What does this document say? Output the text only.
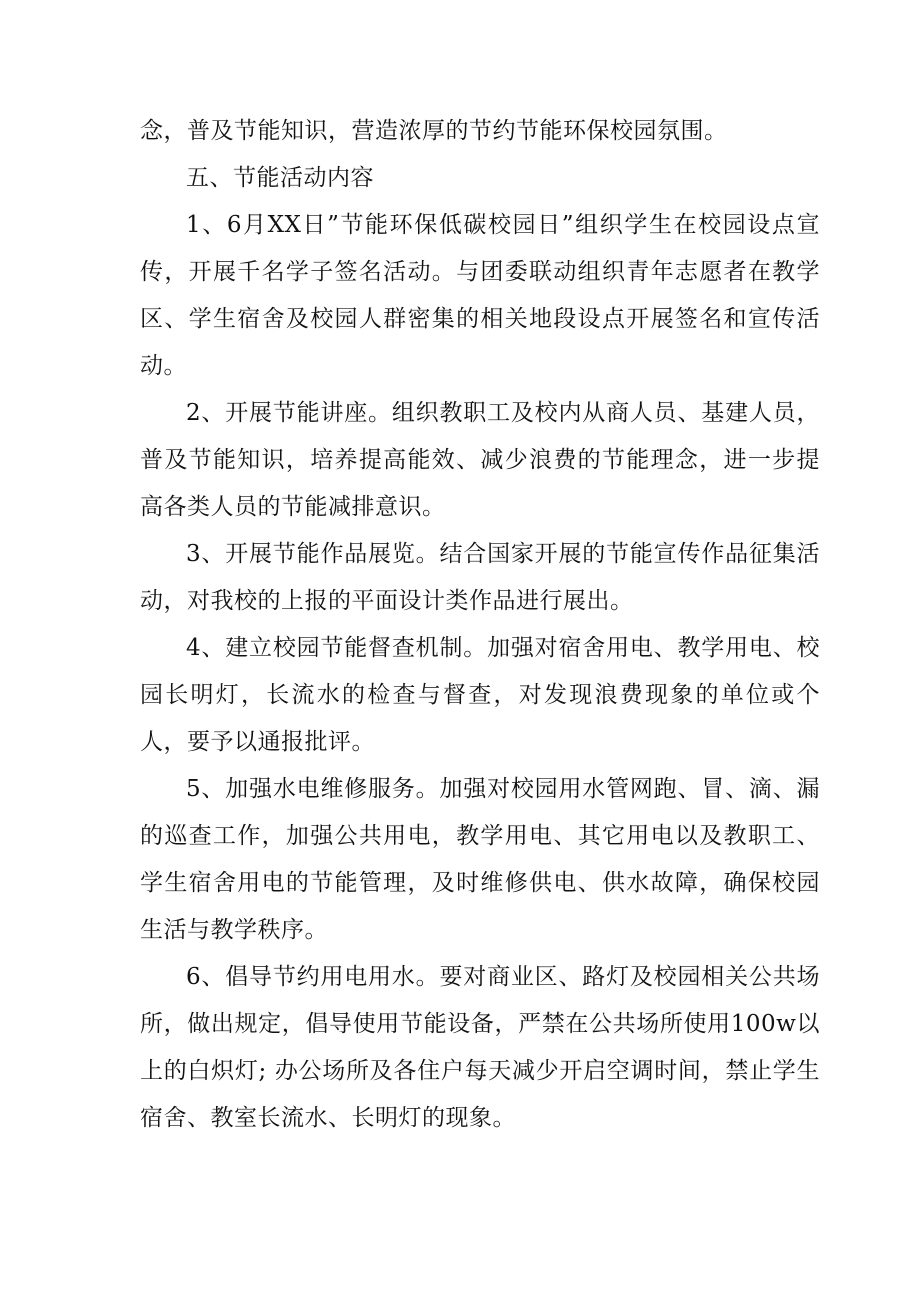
念，普及节能知识，营造浓厚的节约节能环保校园氛围。

五、节能活动内容

1、6月XX日”节能环保低碳校园日”组织学生在校园设点宣传，开展千名学子签名活动。与团委联动组织青年志愿者在教学区、学生宿舍及校园人群密集的相关地段设点开展签名和宣传活动。

2、开展节能讲座。组织教职工及校内从商人员、基建人员，普及节能知识，培养提高能效、减少浪费的节能理念，进一步提高各类人员的节能减排意识。

3、开展节能作品展览。结合国家开展的节能宣传作品征集活动，对我校的上报的平面设计类作品进行展出。

4、建立校园节能督查机制。加强对宿舍用电、教学用电、校园长明灯，长流水的检查与督查，对发现浪费现象的单位或个人，要予以通报批评。

5、加强水电维修服务。加强对校园用水管网跑、冒、滴、漏的巡查工作，加强公共用电，教学用电、其它用电以及教职工、学生宿舍用电的节能管理，及时维修供电、供水故障，确保校园生活与教学秩序。

6、倡导节约用电用水。要对商业区、路灯及校园相关公共场所，做出规定，倡导使用节能设备，严禁在公共场所使用100w以上的白炽灯; 办公场所及各住户每天减少开启空调时间，禁止学生宿舍、教室长流水、长明灯的现象。
